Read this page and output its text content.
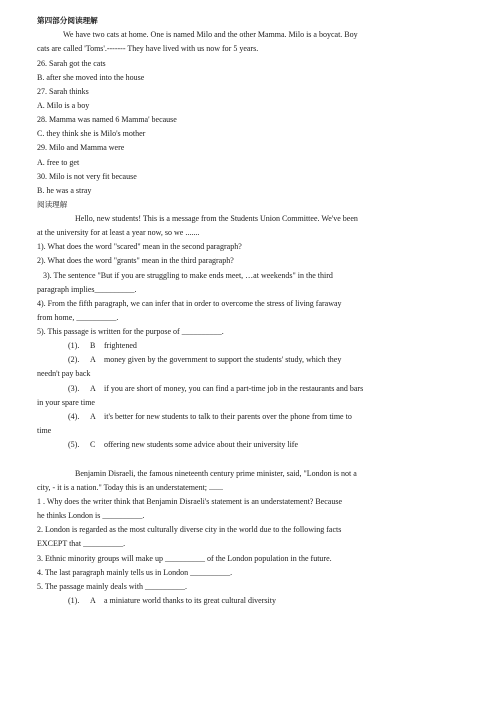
第四部分阅读理解
We have two cats at home. One is named Milo and the other Mamma. Milo is a boycat. Boy
cats are called 'Toms'.------- They have lived with us now for 5 years.
26. Sarah got the cats
B. after she moved into the house
27. Sarah thinks
A. Milo is a boy
28. Mamma was named 6 Mamma' because
C. they think she is Milo's mother
29. Milo and Mamma were
A. free to get
30. Milo is not very fit because
B. he was a stray
阅读理解
Hello, new students! This is a message from the Students Union Committee. We've been
at the university for at least a year now, so we .......
1). What does the word "scared" mean in the second paragraph?
2). What does the word "grants" mean in the third paragraph?
3). The sentence "But if you are struggling to make ends meet, …at weekends" in the third
paragraph implies__________.
4). From the fifth paragraph, we can infer that in order to overcome the stress of living faraway
from home, __________.
5). This passage is written for the purpose of __________.
(1). B frightened
(2). A money given by the government to support the students' study, which they
needn't pay back
(3). A if you are short of money, you can find a part-time job in the restaurants and bars
in your spare time
(4). A it's better for new students to talk to their parents over the phone from time to
time
(5). C offering new students some advice about their university life
Benjamin Disraeli, the famous nineteenth century prime minister, said, "London is not a
city, - it is a nation." Today this is an understatement; .......
1 . Why does the writer think that Benjamin Disraeli's statement is an understatement? Because
he thinks London is __________.
2. London is regarded as the most culturally diverse city in the world due to the following facts
EXCEPT that __________.
3. Ethnic minority groups will make up __________ of the London population in the future.
4. The last paragraph mainly tells us in London __________.
5. The passage mainly deals with __________.
(1). A a miniature world thanks to its great cultural diversity
